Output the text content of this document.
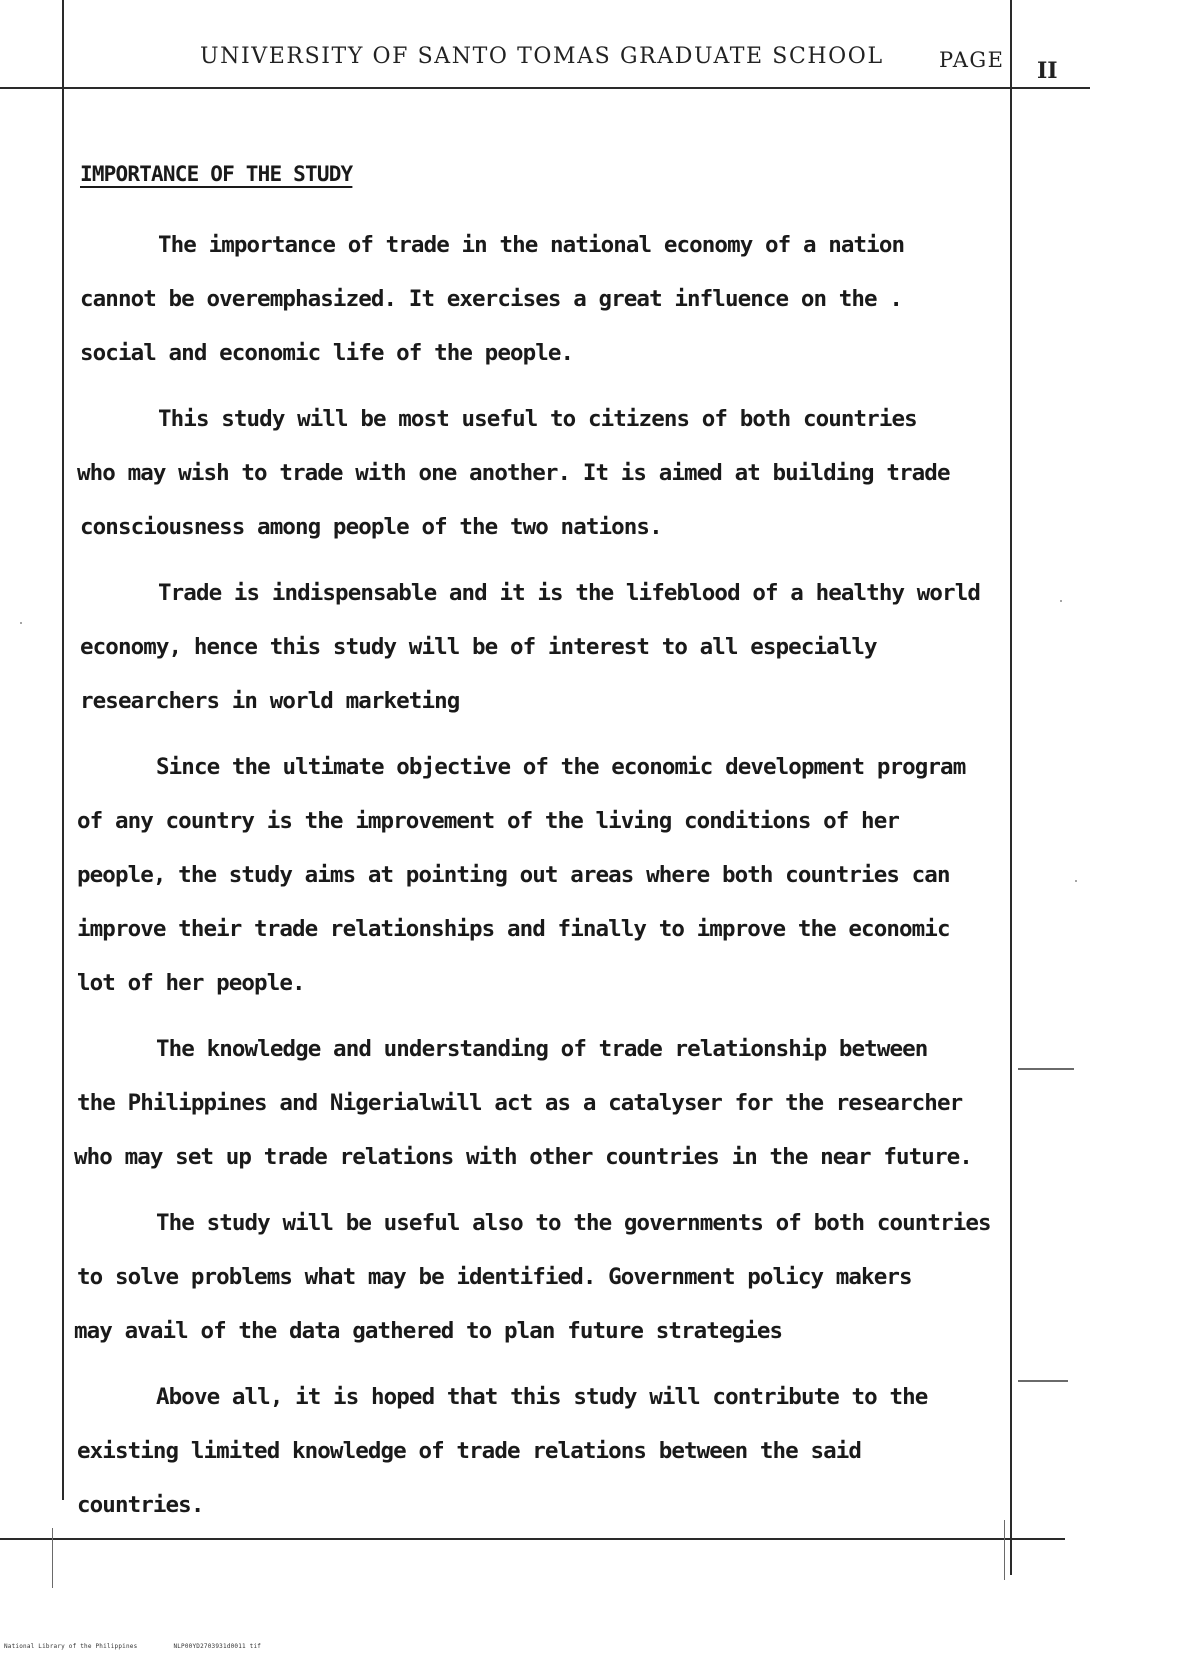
UNIVERSITY OF SANTO TOMAS GRADUATE SCHOOL	PAGE II
IMPORTANCE OF THE STUDY
The importance of trade in the national economy of a nation
cannot be overemphasized. It exercises a great influence on the .
social and economic life of the people.
This study will be most useful to citizens of both countries
who may wish to trade with one another. It is aimed at building trade
consciousness among people of the two nations.
Trade is indispensable and it is the lifeblood of a healthy world
economy, hence this study will be of interest to all especially
researchers in world marketing
Since the ultimate objective of the economic development program
of any country is the improvement of the living conditions of her
people, the study aims at pointing out areas where both countries can
improve their trade relationships and finally to improve the economic
lot of her people.
The knowledge and understanding of trade relationship between
the Philippines and Nigerialwill act as a catalyser for the researcher
who may set up trade relations with other countries in the near future.
The study will be useful also to the governments of both countries
to solve problems what may be identified. Government policy makers
may avail of the data gathered to plan future strategies
Above all, it is hoped that this study will contribute to the
existing limited knowledge of trade relations between the said
countries.
National Library of the Philippines	NLP00YD2703931d0011 tif
